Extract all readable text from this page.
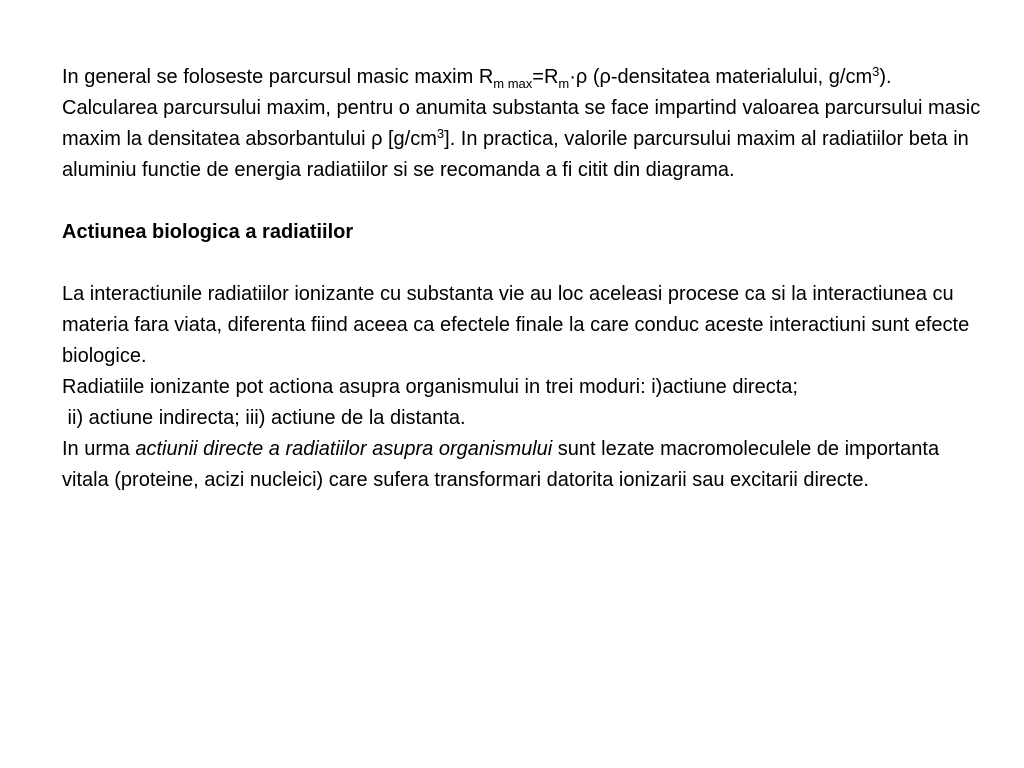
In general se foloseste parcursul masic maxim $R_{m max}=R_m\cdot\rho$ (ρ-densitatea materialului, $g/cm^3$). Calcularea parcursului maxim, pentru o anumita substanta se face impartind valoarea parcursului masic maxim la densitatea absorbantului ρ $[g/cm^3]$. In practica, valorile parcursului maxim al radiatiilor beta in aluminiu functie de energia radiatiilor si se recomanda a fi citit din diagrama.

Actiunea biologica a radiatiilor

La interactiunile radiatiilor ionizante cu substanta vie au loc aceleasi procese ca si la interactiunea cu materia fara viata, diferenta fiind aceea ca efectele finale la care conduc aceste interactiuni sunt efecte biologice.

Radiatiile ionizante pot actiona asupra organismului in trei moduri: i)actiune directa;

ii) actiune indirecta; iii) actiune de la distanta.

In urma actiunii directe a radiatiilor asupra organismului sunt lezate macromoleculele de importanta vitala (proteine, acizi nucleici) care sufera transformari datorita ionizarii sau excitarii directe.
